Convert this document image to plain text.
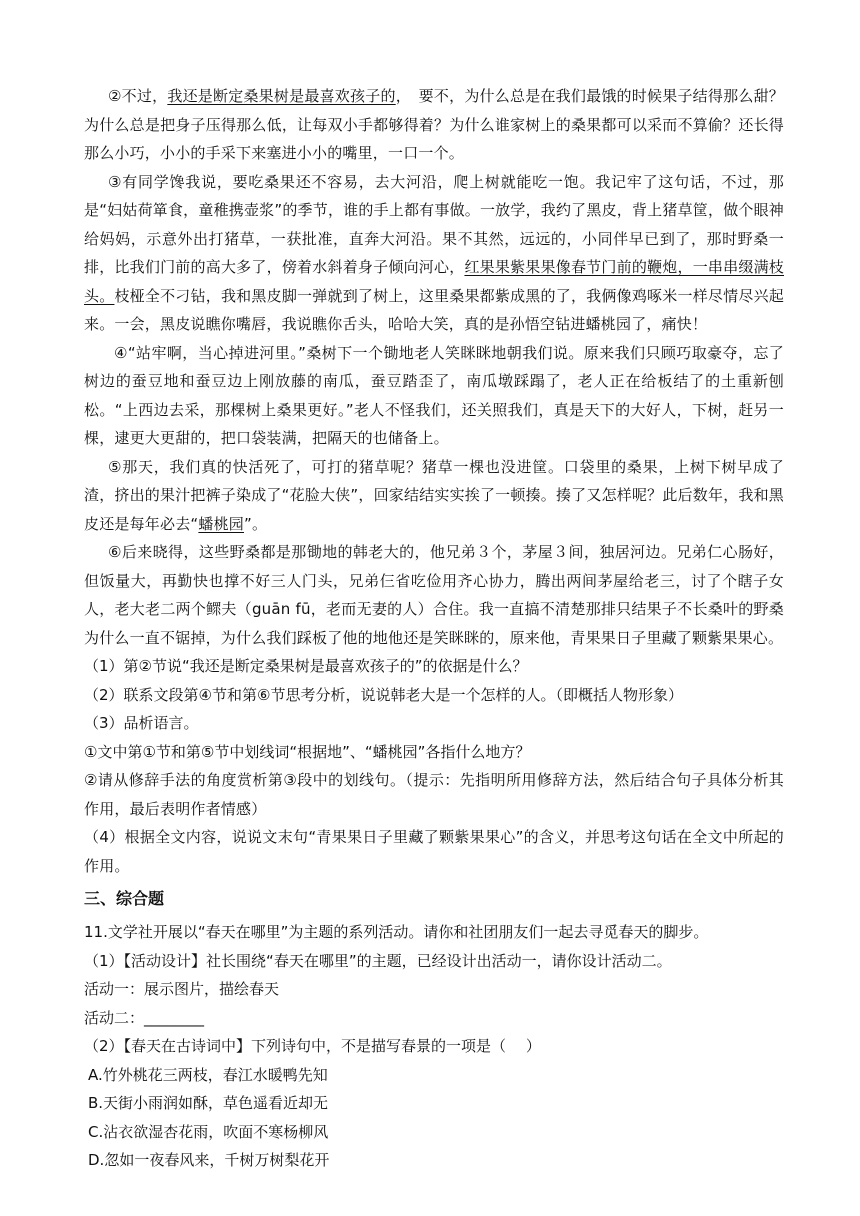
②不过，我还是断定桑果树是最喜欢孩子的，　要不，为什么总是在我们最饿的时候果子结得那么甜？为什么总是把身子压得那么低，让每双小手都够得着？为什么谁家树上的桑果都可以采而不算偷？还长得那么小巧，小小的手采下来塞进小小的嘴里，一口一个。

③有同学馋我说，要吃桑果还不容易，去大河沿，爬上树就能吃一饱。我记牢了这句话，不过，那是“妇姑荷箪食，童稚携壶浆”的季节，谁的手上都有事做。一放学，我约了黑皮，背上猪草筐，做个眼神给妈妈，示意外出打猪草，一获批准，直奔大河沿。果不其然，远远的，小同伴早已到了，那时野桑一排，比我们门前的高大多了，傍着水斜着身子倾向河心，红果果紫果果像春节门前的鞭炮，一串串缀满枝头。枝桠全不刁钻，我和黑皮脚一弹就到了树上，这里桑果都紫成黑的了，我俩像鸡啄米一样尽情尽兴起来。一会，黑皮说瞧你嘴唇，我说瞧你舌头，哈哈大笑，真的是孙悟空钻进蟠桃园了，痛快！

④“站牢啊，当心掉进河里。”桑树下一个锄地老人笑眯眯地朝我们说。原来我们只顾巧取豪夺，忘了树边的蚕豆地和蚕豆边上刚放藤的南瓜，蚕豆踏歪了，南瓜墩踩蹋了，老人正在给板结了的土重新刨松。“上西边去采，那棵树上桑果更好。”老人不怪我们，还关照我们，真是天下的大好人，下树，赶另一棵，逮更大更甜的，把口袋装满，把隔天的也储备上。

⑤那天，我们真的快活死了，可打的猪草呢？猪草一棵也没进筐。口袋里的桑果，上树下树早成了渣，挤出的果汁把裤子染成了“花脸大侠”，回家结结实实挨了一顿揍。揍了又怎样呢？此后数年，我和黑皮还是每年必去“蟠桃园”。

⑥后来晓得，这些野桑都是那锄地的韩老大的，他兄弟３个，茅屋３间，独居河边。兄弟仁心肠好，但饭量大，再勤快也撑不好三人门头，兄弟仨省吃俭用齐心协力，腾出两间茅屋给老三，讨了个瞎子女人，老大老二两个鳏夫（guān fū，老而无妻的人）合住。我一直搞不清楚那排只结果子不长桑叶的野桑为什么一直不锯掉，为什么我们踩板了他的地他还是笑眯眯的，原来他，青果果日子里藏了颗紫果果心。

（1）第②节说“我还是断定桑果树是最喜欢孩子的”的依据是什么？

（2）联系文段第④节和第⑥节思考分析，说说韩老大是一个怎样的人。（即概括人物形象）

（3）品析语言。

①文中第①节和第⑤节中划线词“根据地”、“蟠桃园”各指什么地方？

②请从修辞手法的角度赏析第③段中的划线句。（提示：先指明所用修辞方法，然后结合句子具体分析其作用，最后表明作者情感）

（4）根据全文内容，说说文末句“青果果日子里藏了颗紫果果心”的含义，并思考这句话在全文中所起的作用。

三、综合题

11.文学社开展以“春天在哪里”为主题的系列活动。请你和社团朋友们一起去寻觅春天的脚步。

（1）【活动设计】社长围绕“春天在哪里”的主题，已经设计出活动一，请你设计活动二。

活动一：展示图片，描绘春天

活动二：________

（2）【春天在古诗词中】下列诗句中，不是描写春景的一项是（　 ）

A.竹外桃花三两枝，春江水暖鸭先知

B.天街小雨润如酥，草色遥看近却无

C.沾衣欲湿杏花雨，吹面不寒杨柳风

D.忽如一夜春风来，千树万树梨花开
